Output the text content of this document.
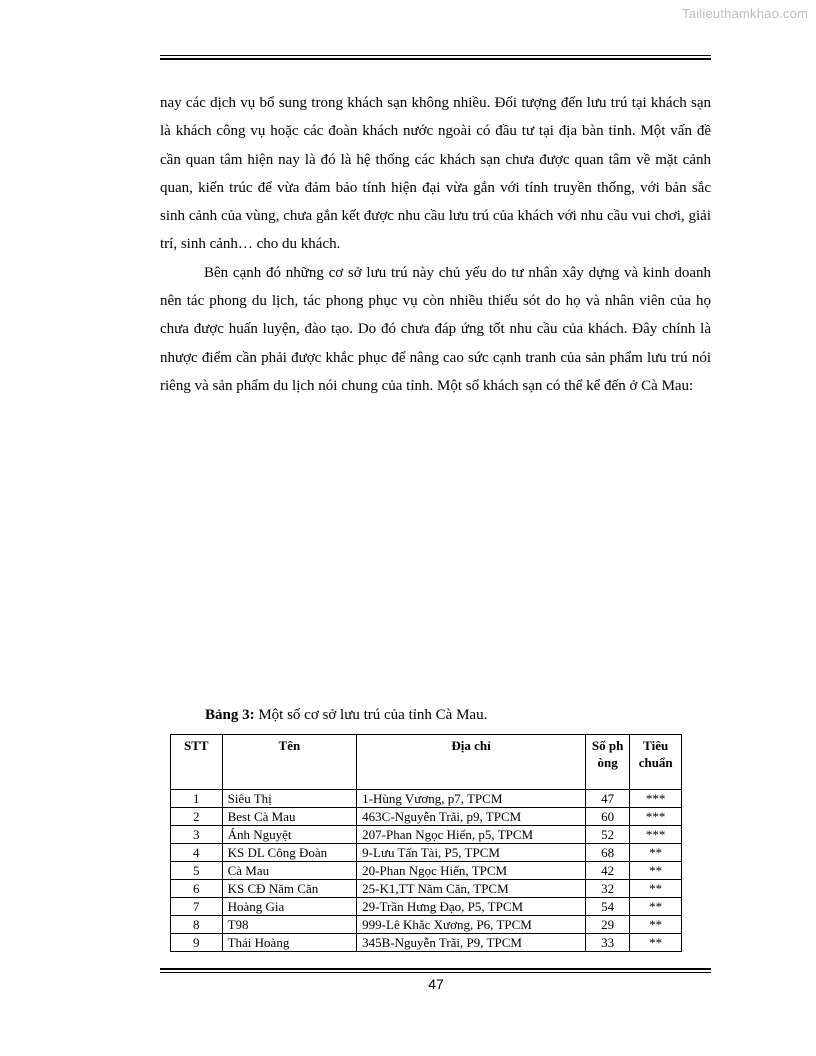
Tailieuthamkhao.com

nay các dịch vụ bổ sung trong khách sạn không nhiều. Đối tượng đến lưu trú tại khách sạn là khách công vụ hoặc các đoàn khách nước ngoài có đầu tư tại địa bàn tỉnh. Một vấn đề cần quan tâm hiện nay là đó là hệ thống các khách sạn chưa được quan tâm về mặt cảnh quan, kiến trúc để vừa đảm bảo tính hiện đại vừa gắn với tính truyền thống, với bản sắc sinh cảnh của vùng, chưa gắn kết được nhu cầu lưu trú của khách với nhu cầu vui chơi, giải trí, sinh cảnh… cho du khách.

Bên cạnh đó những cơ sở lưu trú này chủ yếu do tư nhân xây dựng và kinh doanh nên tác phong du lịch, tác phong phục vụ còn nhiều thiếu sót do họ và nhân viên của họ chưa được huấn luyện, đào tạo. Do đó chưa đáp ứng tốt nhu cầu của khách. Đây chính là nhược điểm cần phải được khắc phục để nâng cao sức cạnh tranh của sản phẩm lưu trú nói riêng và sản phẩm du lịch nói chung của tỉnh. Một số khách sạn có thể kể đến ở Cà Mau:

Bảng 3: Một số cơ sở lưu trú của tỉnh Cà Mau.
STT	Tên	Địa chỉ	Số phòng	Tiêu chuẩn
1	Siêu Thị	1-Hùng Vương, p7, TPCM	47	***
2	Best Cà Mau	463C-Nguyễn Trãi, p9, TPCM	60	***
3	Ánh Nguyệt	207-Phan Ngọc Hiển, p5, TPCM	52	***
4	KS DL Công Đoàn	9-Lưu Tấn Tài, P5, TPCM	68	**
5	Cà Mau	20-Phan Ngọc Hiển, TPCM	42	**
6	KS CĐ Năm Căn	25-K1,TT Năm Căn, TPCM	32	**
7	Hoàng Gia	29-Trần Hưng Đạo, P5, TPCM	54	**
8	T98	999-Lê Khắc Xương, P6, TPCM	29	**
9	Thái Hoàng	345B-Nguyễn Trãi, P9, TPCM	33	**
47
